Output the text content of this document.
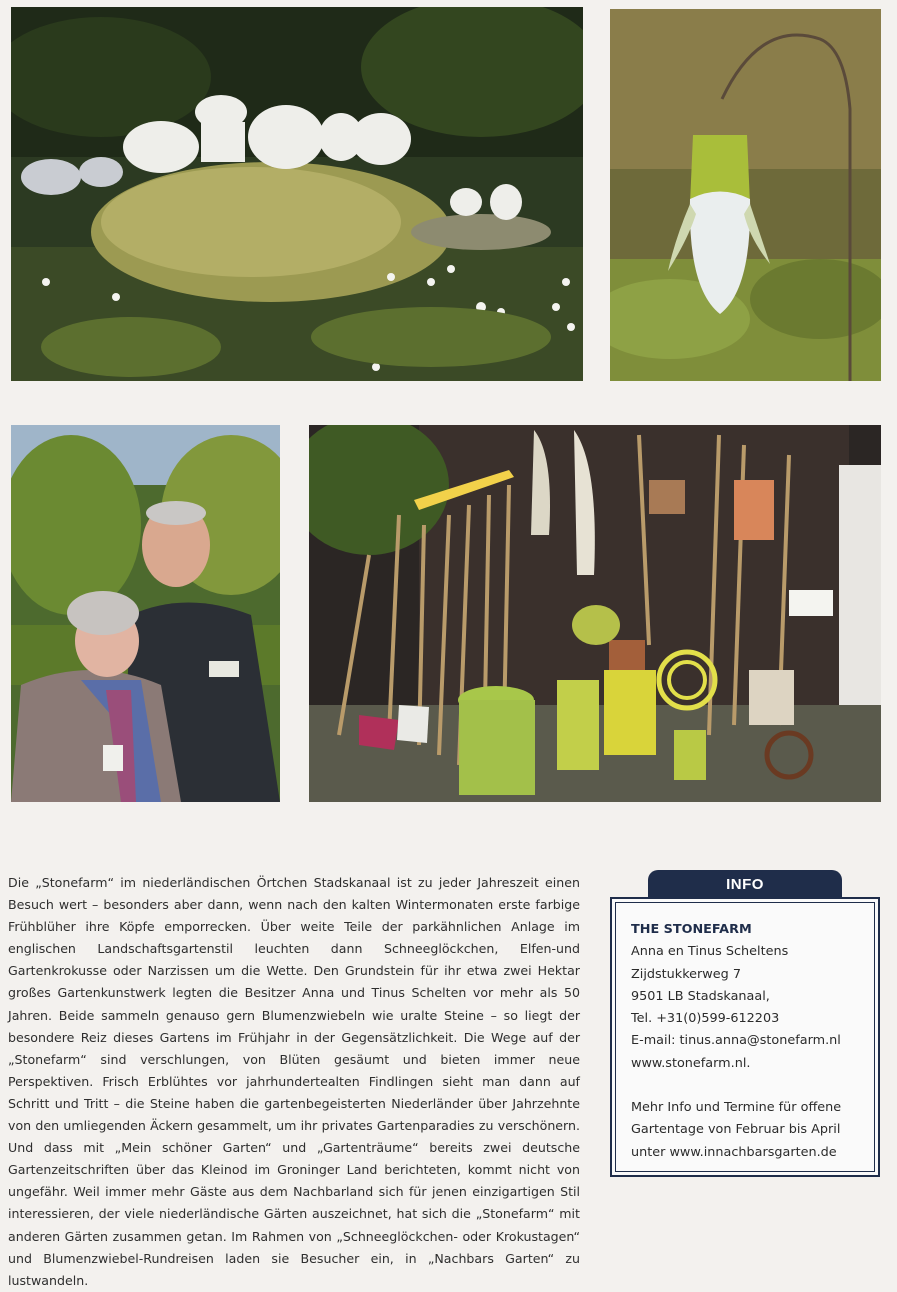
Die „Stonefarm“ im niederländischen Örtchen Stadskanaal ist zu jeder Jahreszeit einen Besuch wert – besonders aber dann, wenn nach den kalten Wintermonaten erste farbige Frühblüher ihre Köpfe emporrecken. Über weite Teile der parkähnlichen Anlage im englischen Landschaftsgartenstil leuchten dann Schneeglöckchen, Elfen-und Gartenkrokusse oder Narzissen um die Wette. Den Grundstein für ihr etwa zwei Hektar großes Gartenkunstwerk legten die Besitzer Anna und Tinus Schelten vor mehr als 50 Jahren. Beide sammeln genauso gern Blumenzwiebeln wie uralte Steine – so liegt der besondere Reiz dieses Gartens im Frühjahr in der Gegensätzlichkeit. Die Wege auf der „Stonefarm“ sind verschlungen, von Blüten gesäumt und bieten immer neue Perspektiven. Frisch Erblühtes vor jahrhundertealten Findlingen sieht man dann auf Schritt und Tritt – die Steine haben die gartenbegeisterten Niederländer über Jahrzehnte von den umliegenden Äckern gesammelt, um ihr privates Gartenparadies zu verschönern. Und dass mit „Mein schöner Garten“ und „Gartenträume“ bereits zwei deutsche Gartenzeitschriften über das Kleinod im Groninger Land berichteten, kommt nicht von ungefähr. Weil immer mehr Gäste aus dem Nachbarland sich für jenen einzigartigen Stil interessieren, der viele niederländische Gärten auszeichnet, hat sich die „Stonefarm“ mit anderen Gärten zusammen getan. Im Rahmen von „Schneeglöckchen- oder Krokustagen“ und Blumenzwiebel-Rundreisen laden sie Besucher ein, in „Nachbars Garten“ zu lustwandeln.

INFO
THE STONEFARM
Anna en Tinus Scheltens
Zijdstukkerweg 7
9501 LB Stadskanaal,
Tel. +31(0)599-612203
E-mail: tinus.anna@stonefarm.nl
www.stonefarm.nl.
Mehr Info und Termine für offene
Gartentage von Februar bis April
unter www.innachbarsgarten.de
